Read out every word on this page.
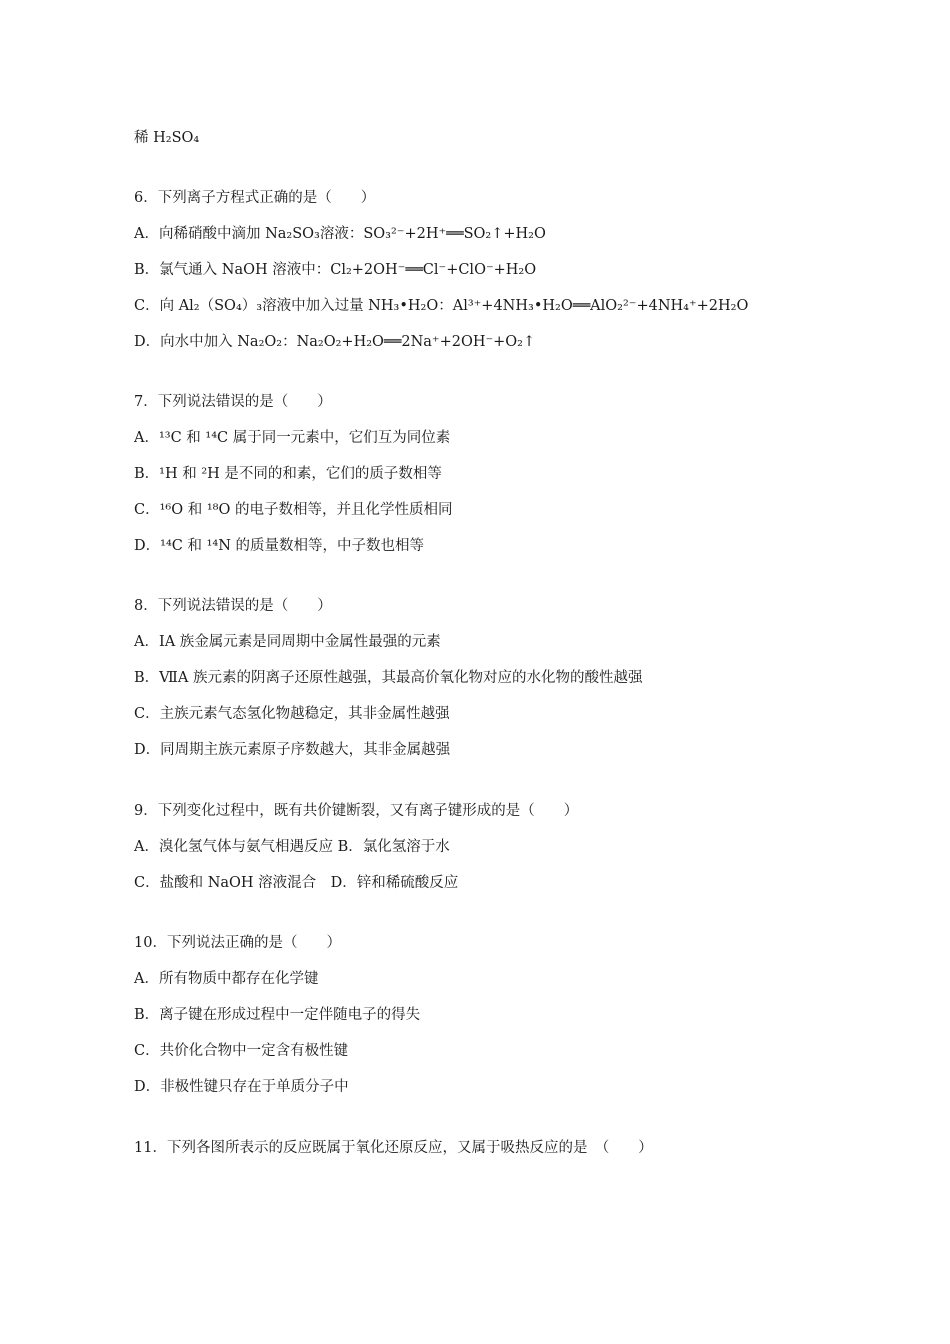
稀 H₂SO₄
6．下列离子方程式正确的是（　　）
A．向稀硝酸中滴加 Na₂SO₃溶液：SO₃²⁻+2H⁺══SO₂↑+H₂O
B．氯气通入 NaOH 溶液中：Cl₂+2OH⁻══Cl⁻+ClO⁻+H₂O
C．向 Al₂（SO₄）₃溶液中加入过量 NH₃•H₂O：Al³⁺+4NH₃•H₂O══AlO₂²⁻+4NH₄⁺+2H₂O
D．向水中加入 Na₂O₂：Na₂O₂+H₂O══2Na⁺+2OH⁻+O₂↑
7．下列说法错误的是（　　）
A．¹³C 和 ¹⁴C 属于同一元素中，它们互为同位素
B．¹H 和 ²H 是不同的和素，它们的质子数相等
C．¹⁶O 和 ¹⁸O 的电子数相等，并且化学性质相同
D．¹⁴C 和 ¹⁴N 的质量数相等，中子数也相等
8．下列说法错误的是（　　）
A．ⅠA 族金属元素是同周期中金属性最强的元素
B．ⅦA 族元素的阴离子还原性越强，其最高价氧化物对应的水化物的酸性越强
C．主族元素气态氢化物越稳定，其非金属性越强
D．同周期主族元素原子序数越大，其非金属越强
9．下列变化过程中，既有共价键断裂，又有离子键形成的是（　　）
A．溴化氢气体与氨气相遇反应 B．氯化氢溶于水
C．盐酸和 NaOH 溶液混合　D．锌和稀硫酸反应
10．下列说法正确的是（　　）
A．所有物质中都存在化学键
B．离子键在形成过程中一定伴随电子的得失
C．共价化合物中一定含有极性键
D．非极性键只存在于单质分子中
11．下列各图所表示的反应既属于氧化还原反应，又属于吸热反应的是　（　　）
